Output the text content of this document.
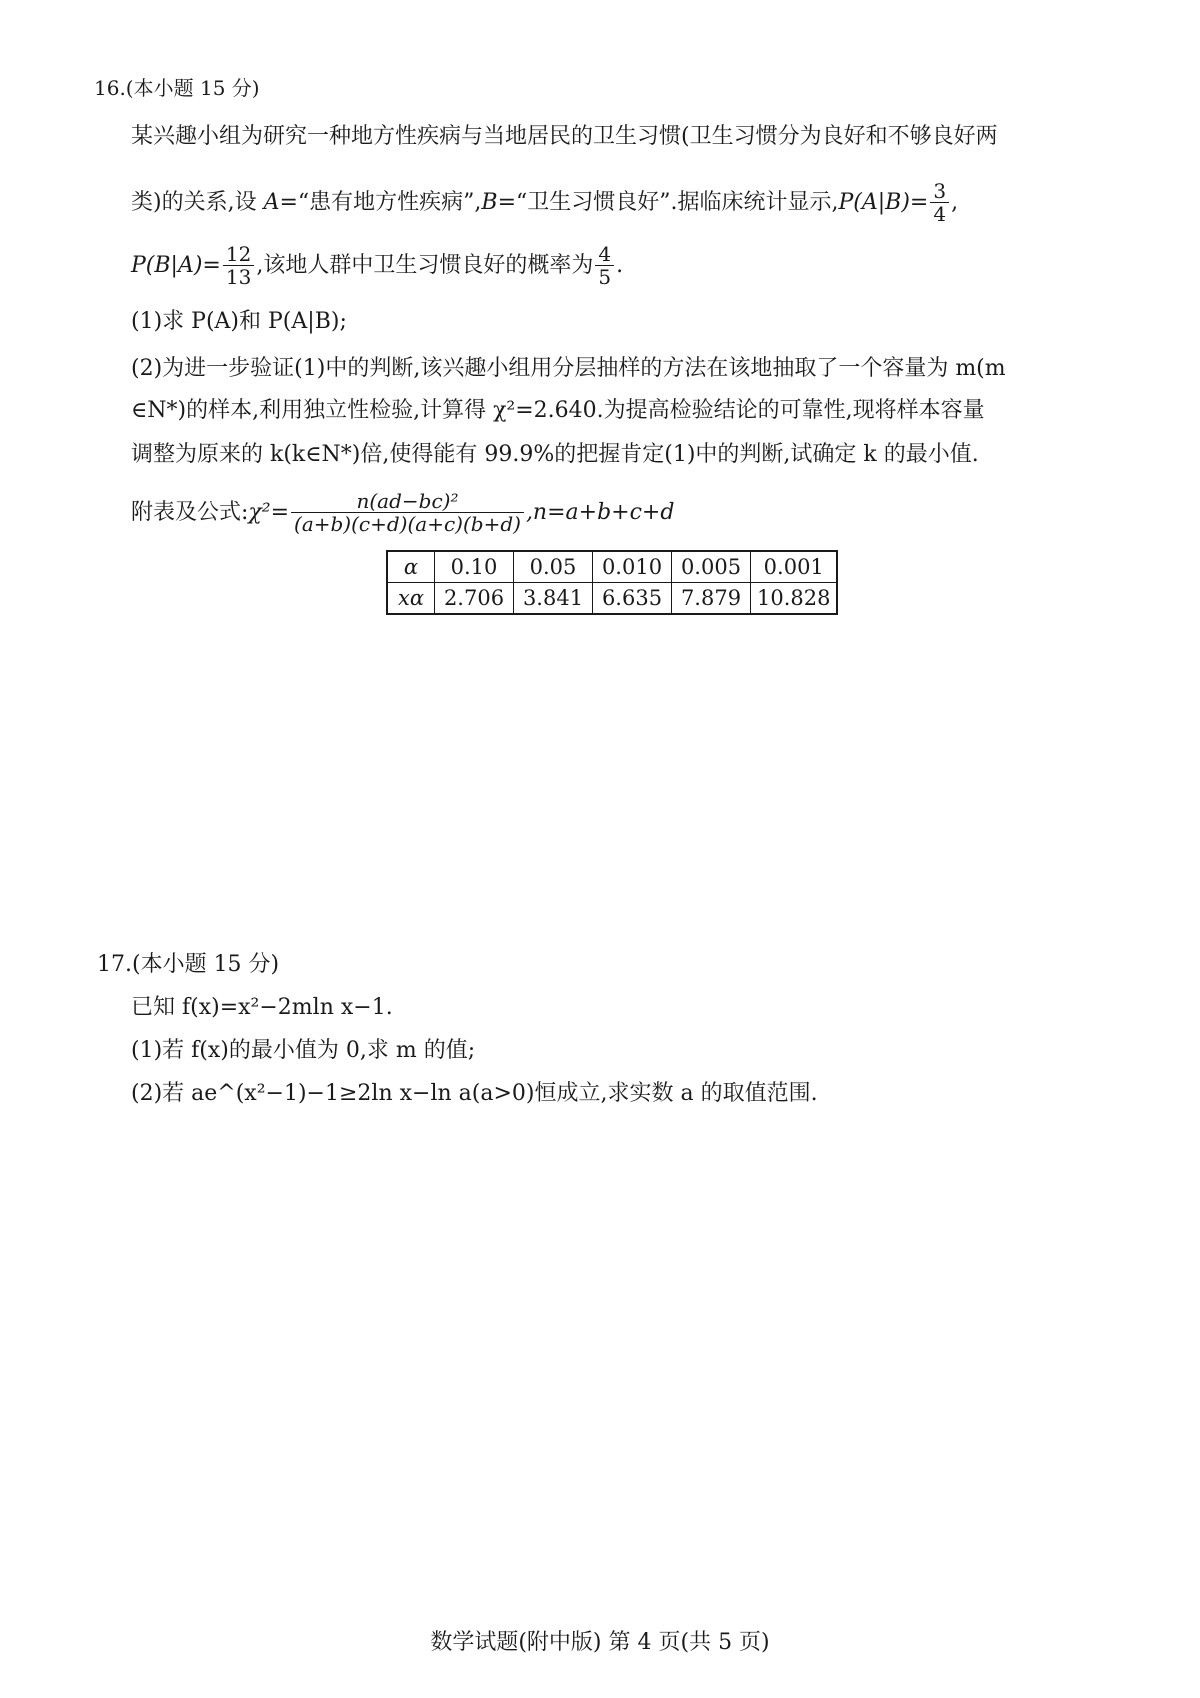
16.(本小题 15 分)
某兴趣小组为研究一种地方性疾病与当地居民的卫生习惯(卫生习惯分为良好和不够良好两
类)的关系,设 A=“患有地方性疾病”,B=“卫生习惯良好”.据临床统计显示$,P(A|B)= \frac{3}{4}$ ,
$P(B|A)= \frac{12}{13}$ ,该地人群中卫生习惯良好的概率为 $\frac{4}{5}$ .
(1)求 P(A)和 P(A|B);
(2)为进一步验证(1)中的判断,该兴趣小组用分层抽样的方法在该地抽取了一个容量为 m(m
∈N*)的样本,利用独立性检验,计算得 χ²=2.640.为提高检验结论的可靠性,现将样本容量
调整为原来的 k(k∈N*)倍,使得能有 99.9%的把握肯定(1)中的判断,试确定 k 的最小值.
附表及公式:χ²= $\frac{\text{n(ad−bc)²}}{(a+b)(c+d)(a+c)(b+d)} ,n=a+b+c+d$
α	0.10	0.05	0.010	0.005	0.001
xα	2.706	3.841	6.635	7.879	10.828
17.(本小题 15 分)
已知 f(x)=x²−2mln x−1.
(1)若 f(x)的最小值为 0,求 m 的值;
(2)若 ae^(x²−1)−1≥2ln x−ln a(a>0)恒成立,求实数 a 的取值范围.
数学试题(附中版) 第 4 页(共 5 页)
